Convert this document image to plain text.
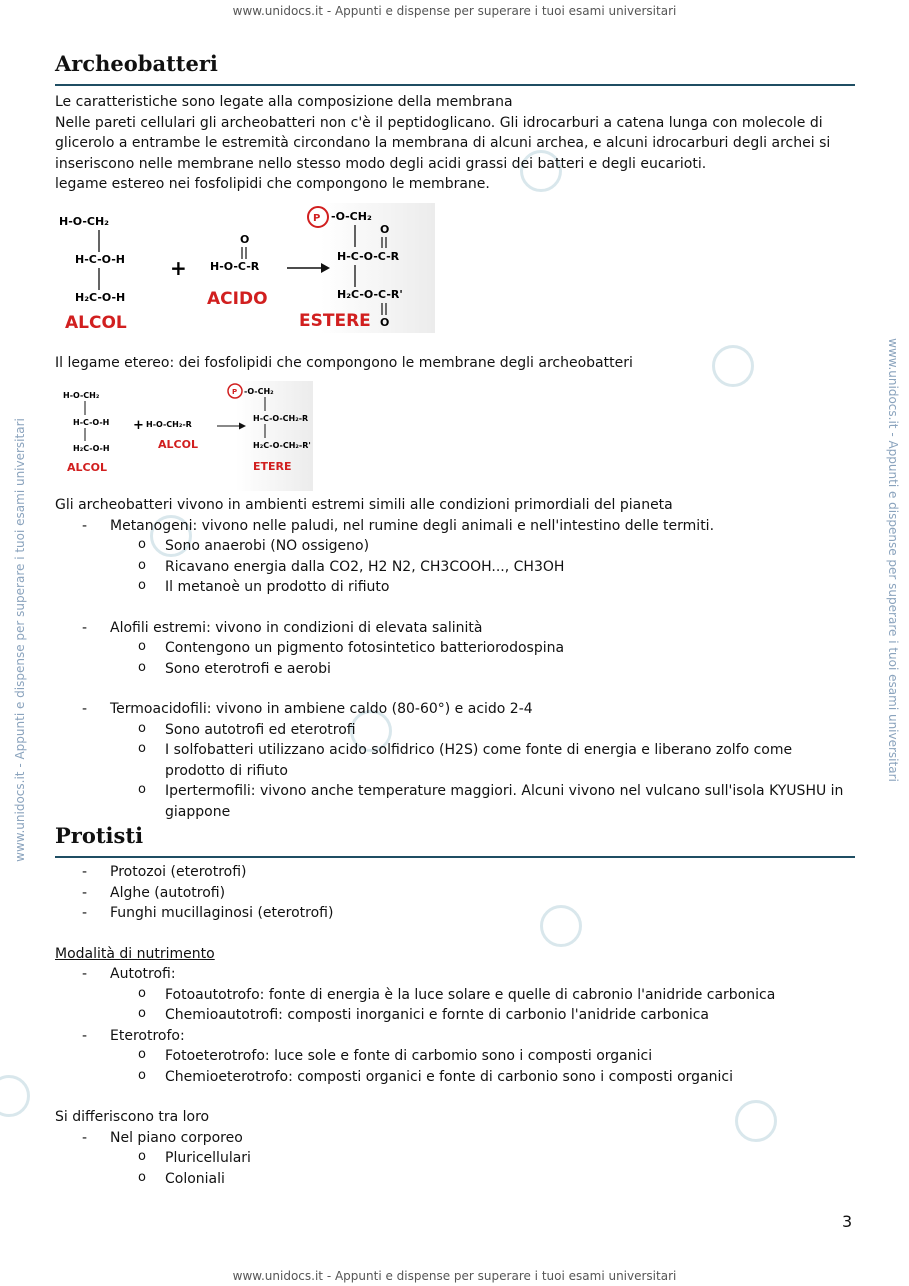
www.unidocs.it - Appunti e dispense per superare i tuoi esami universitari
www.unidocs.it - Appunti e dispense per superare i tuoi esami universitari
www.unidocs.it - Appunti e dispense per superare i tuoi esami universitari	www.unidocs.it - Appunti e dispense per superare i tuoi esami universitari
Archeobatteri

Le caratteristiche sono legate alla composizione della membrana

Nelle pareti cellulari gli archeobatteri non c'è il peptidoglicano. Gli idrocarburi a catena lunga con molecole di glicerolo a entrambe le estremità circondano la membrana di alcuni archea, e alcuni idrocarburi degli archei si inseriscono nelle membrane nello stesso modo degli acidi grassi dei batteri e degli eucarioti.

legame estereo nei fosfolipidi che compongono le membrane.

H-O-CH₂
H-C-O-H
H₂C-O-H
ALCOL
+
O
H-O-C-R
ACIDO
P -O-CH₂
O
H-C-O-C-R
H₂C-O-C-R'
O
ESTERE

Il legame etereo: dei fosfolipidi che compongono le membrane degli archeobatteri

H-O-CH₂
H-C-O-H
H₂C-O-H
ALCOL
+ H-O-CH₂-R
ALCOL
P -O-CH₂
H-C-O-CH₂-R
H₂C-O-CH₂-R'
ETERE

Gli archeobatteri vivono in ambienti estremi simili alle condizioni primordiali del pianeta

- Metanogeni: vivono nelle paludi, nel rumine degli animali e nell'intestino delle termiti.
o Sono anaerobi (NO ossigeno)
o Ricavano energia dalla CO2, H2 N2, CH3COOH..., CH3OH
o Il metanoè un prodotto di rifiuto
- Alofili estremi: vivono in condizioni di elevata salinità
o Contengono un pigmento fotosintetico batteriorodospina
o Sono eterotrofi e aerobi
- Termoacidofili: vivono in ambiene caldo (80-60°) e acido 2-4
o Sono autotrofi ed eterotrofi
o I solfobatteri utilizzano acido solfidrico (H2S) come fonte di energia e liberano zolfo come prodotto di rifiuto
o Ipertermofili: vivono anche temperature maggiori. Alcuni vivono nel vulcano sull'isola KYUSHU in giappone
Protisti
- Protozoi (eterotrofi)
- Alghe (autotrofi)
- Funghi mucillaginosi (eterotrofi)

Modalità di nutrimento

- Autotrofi:
o Fotoautotrofo: fonte di energia è la luce solare e quelle di cabronio l'anidride carbonica
o Chemioautotrofi: composti inorganici e fornte di carbonio l'anidride carbonica
- Eterotrofo:
o Fotoeterotrofo: luce sole e fonte di carbomio sono i composti organici
o Chemioeterotrofo: composti organici e fonte di carbonio sono i composti organici

Si differiscono tra loro

- Nel piano corporeo
o Pluricellulari
o Coloniali
3
